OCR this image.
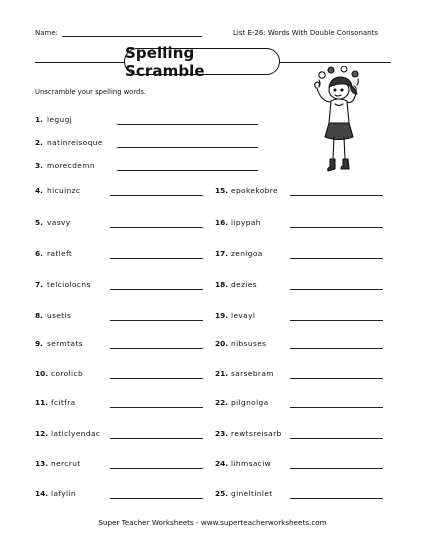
Name:	List E-26: Words With Double Consonants
Spelling Scramble
Unscramble your spelling words.
1. legugj
2. natinreisoque
3. morecdemn
4. hicuinzc
5. vasvy
6. ratleft
7. telciolocns
8. usetis
9. sermtats
10. corolicb
11. fcitfra
12. laticlyendac
13. nercrut
14. lafylin
15. epokekobre
16. lipypah
17. zenigoa
18. dezies
19. levayl
20. nibsuses
21. sarsebram
22. pilgnolga
23. rewtsreisarb
24. lihmsaciw
25. gineltinlet
Super Teacher Worksheets - www.superteacherworksheets.com
